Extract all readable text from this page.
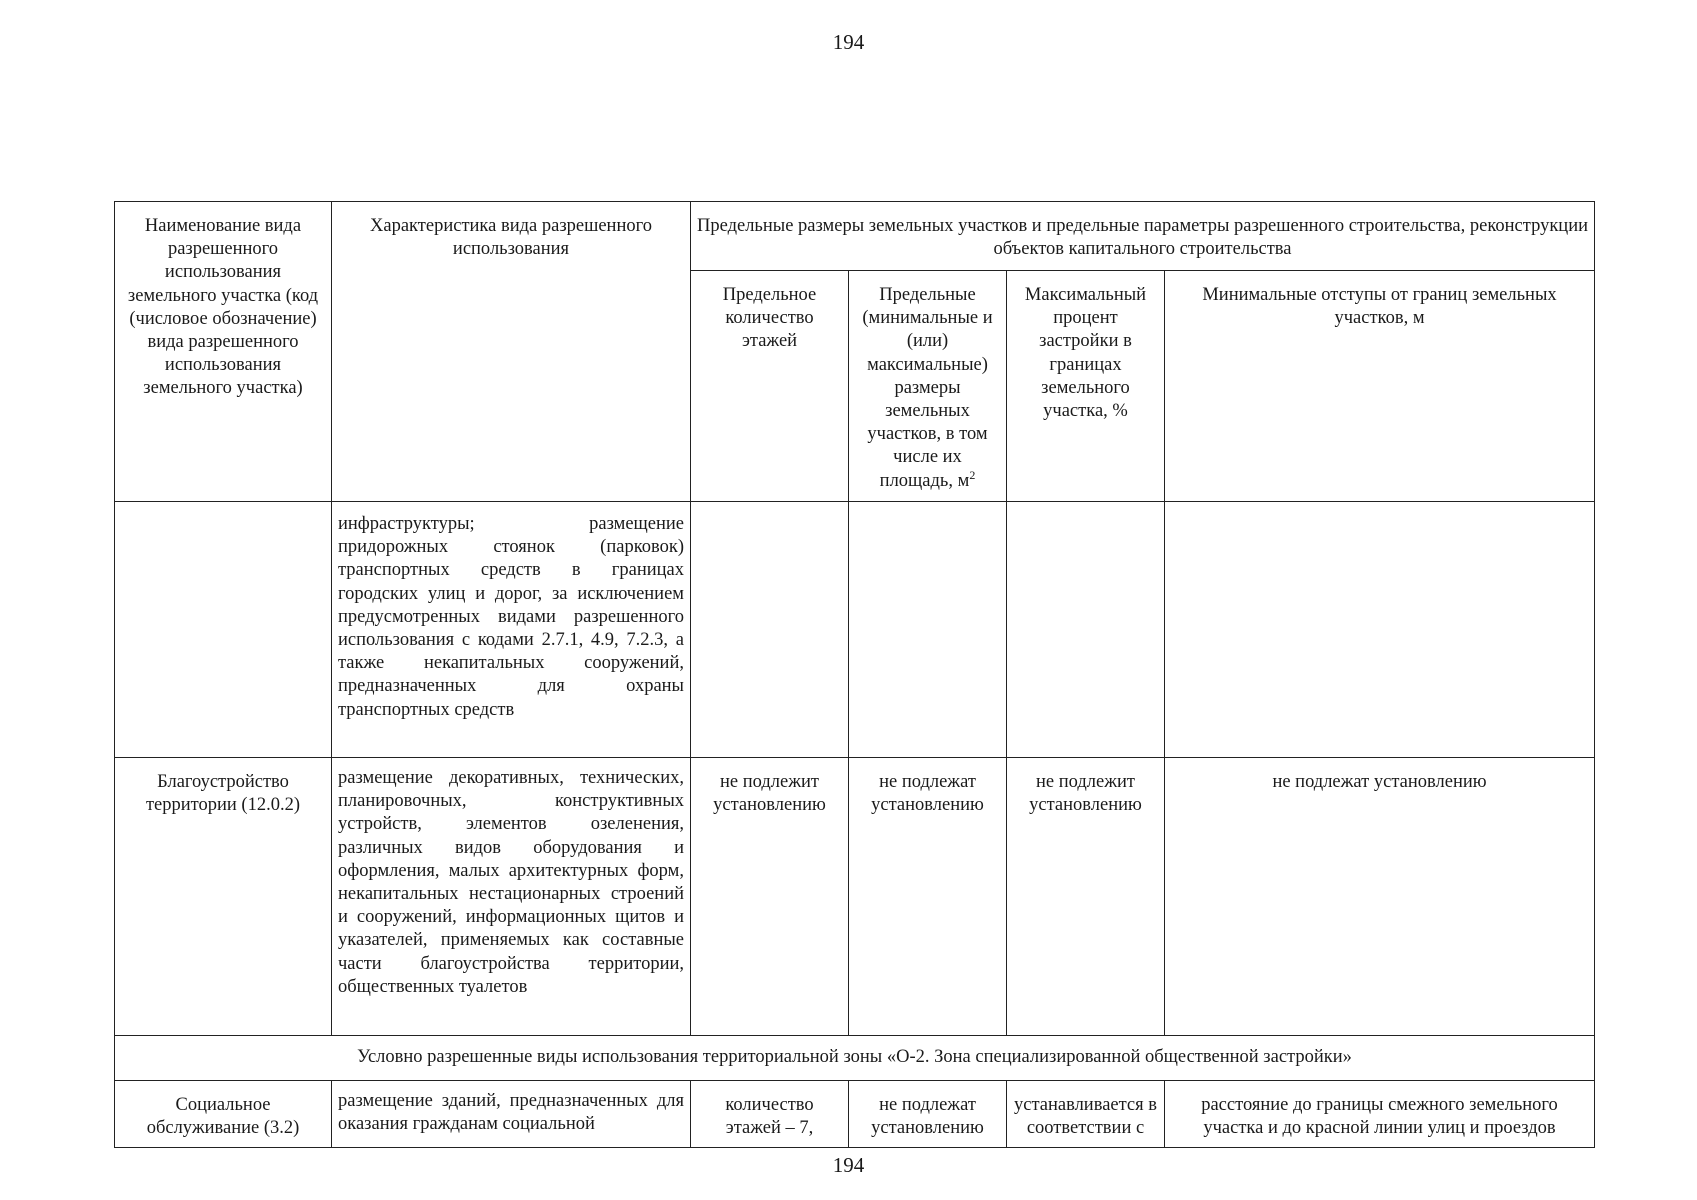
194
Наименование вида разрешенного использования земельного участка (код (числовое обозначение) вида разрешенного использования земельного участка)	Характеристика вида разрешенного использования	Предельные размеры земельных участков и предельные параметры разрешенного строительства, реконструкции объектов капитального строительства			
		Предельное количество этажей	Предельные (минимальные и (или) максимальные) размеры земельных участков, в том числе их площадь, $м^2$	Максимальный процент застройки в границах земельного участка, %	Минимальные отступы от границ земельных участков, м
	инфраструктуры; размещение придорожных стоянок (парковок) транспортных средств в границах городских улиц и дорог, за исключением предусмотренных видами разрешенного использования с кодами 2.7.1, 4.9, 7.2.3, а также некапитальных сооружений, предназначенных для охраны транспортных средств				
Благоустройство территории (12.0.2)	размещение декоративных, технических, планировочных, конструктивных устройств, элементов озеленения, различных видов оборудования и оформления, малых архитектурных форм, некапитальных нестационарных строений и сооружений, информационных щитов и указателей, применяемых как составные части благоустройства территории, общественных туалетов	не подлежит установлению	не подлежат установлению	не подлежит установлению	не подлежат установлению
Условно разрешенные виды использования территориальной зоны «О-2. Зона специализированной общественной застройки»					
Социальное обслуживание (3.2)	размещение зданий, предназначенных для оказания гражданам социальной	количество этажей – 7,	не подлежат установлению	устанавливается в соответствии с	расстояние до границы смежного земельного участка и до красной линии улиц и проездов
194
